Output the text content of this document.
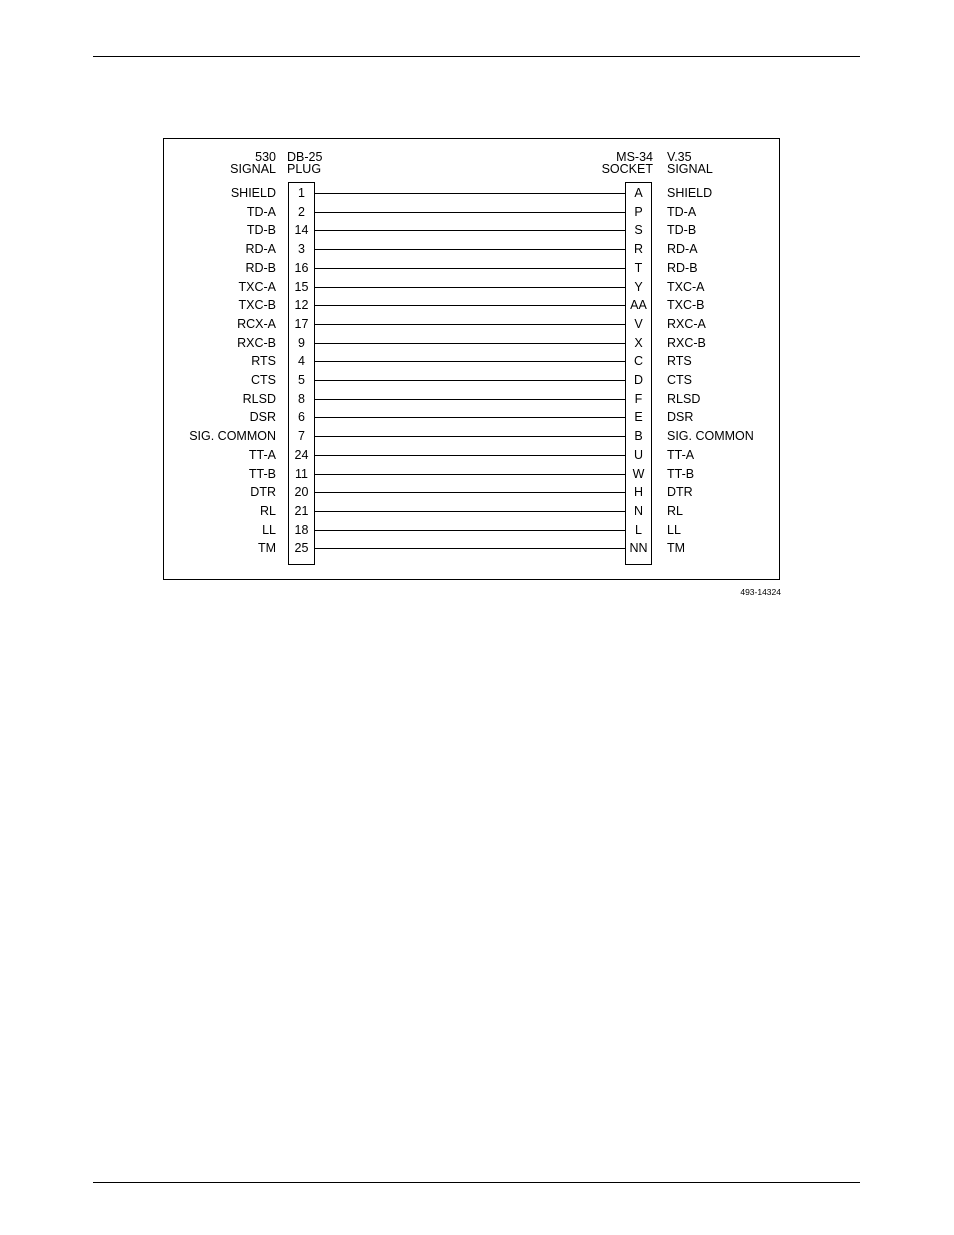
530
SIGNAL
DB-25
PLUG
MS-34
SOCKET
V.35
SIGNAL
SHIELD	1	A	SHIELD
TD-A	2	P	TD-A
TD-B	14	S	TD-B
RD-A	3	R	RD-A
RD-B	16	T	RD-B
TXC-A	15	Y	TXC-A
TXC-B	12	AA	TXC-B
RCX-A	17	V	RXC-A
RXC-B	9	X	RXC-B
RTS	4	C	RTS
CTS	5	D	CTS
RLSD	8	F	RLSD
DSR	6	E	DSR
SIG. COMMON	7	B	SIG. COMMON
TT-A	24	U	TT-A
TT-B	11	W	TT-B
DTR	20	H	DTR
RL	21	N	RL
LL	18	L	LL
TM	25	NN	TM
493-14324
